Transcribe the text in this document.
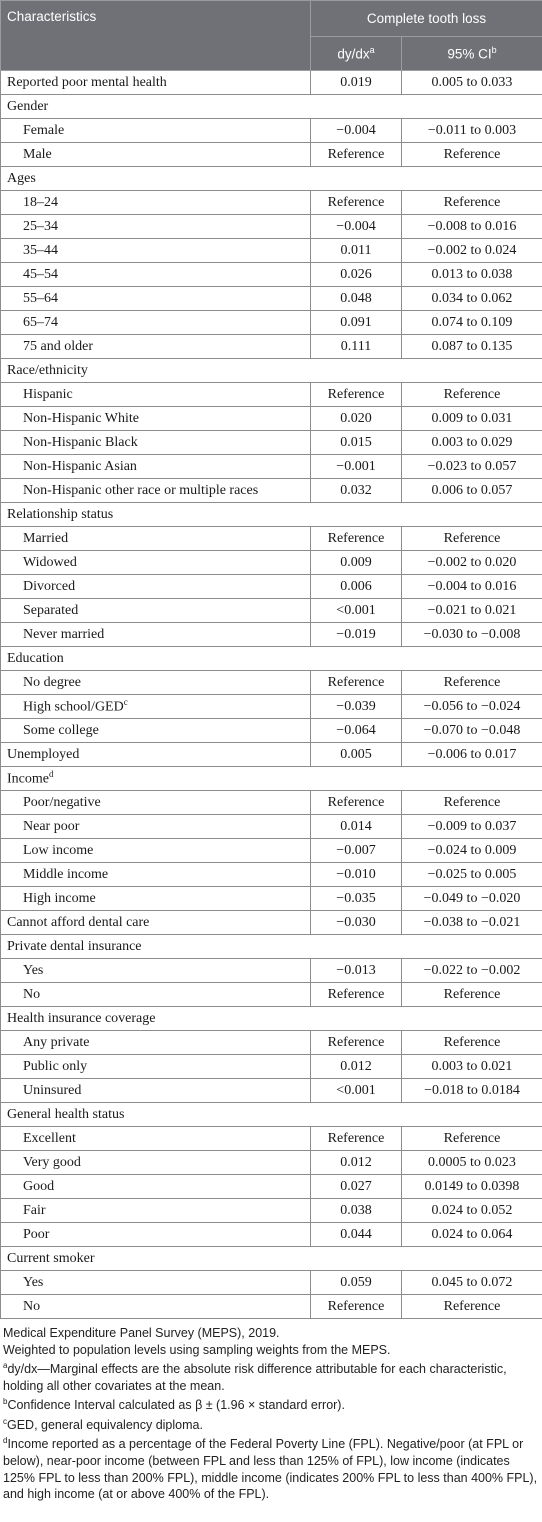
Characteristics	Complete tooth loss	
	$dy/dx^a$	95% $CI^b$
Reported poor mental health	0.019	0.005 to 0.033
Gender		
Female	−0.004	−0.011 to 0.003
Male	Reference	Reference
Ages		
18–24	Reference	Reference
25–34	−0.004	−0.008 to 0.016
35–44	0.011	−0.002 to 0.024
45–54	0.026	0.013 to 0.038
55–64	0.048	0.034 to 0.062
65–74	0.091	0.074 to 0.109
75 and older	0.111	0.087 to 0.135
Race/ethnicity		
Hispanic	Reference	Reference
Non-Hispanic White	0.020	0.009 to 0.031
Non-Hispanic Black	0.015	0.003 to 0.029
Non-Hispanic Asian	−0.001	−0.023 to 0.057
Non-Hispanic other race or multiple races	0.032	0.006 to 0.057
Relationship status		
Married	Reference	Reference
Widowed	0.009	−0.002 to 0.020
Divorced	0.006	−0.004 to 0.016
Separated	<0.001	−0.021 to 0.021
Never married	−0.019	−0.030 to −0.008
Education		
No degree	Reference	Reference
High school/$GED^c$	−0.039	−0.056 to −0.024
Some college	−0.064	−0.070 to −0.048
Unemployed	0.005	−0.006 to 0.017
Income$^d$
Poor/negative	Reference	Reference
Near poor	0.014	−0.009 to 0.037
Low income	−0.007	−0.024 to 0.009
Middle income	−0.010	−0.025 to 0.005
High income	−0.035	−0.049 to −0.020
Cannot afford dental care	−0.030	−0.038 to −0.021
Private dental insurance		
Yes	−0.013	−0.022 to −0.002
No	Reference	Reference
Health insurance coverage		
Any private	Reference	Reference
Public only	0.012	0.003 to 0.021
Uninsured	<0.001	−0.018 to 0.0184
General health status		
Excellent	Reference	Reference
Very good	0.012	0.0005 to 0.023
Good	0.027	0.0149 to 0.0398
Fair	0.038	0.024 to 0.052
Poor	0.044	0.024 to 0.064
Current smoker		
Yes	0.059	0.045 to 0.072
No	Reference	Reference

Medical Expenditure Panel Survey (MEPS), 2019.

Weighted to population levels using sampling weights from the MEPS.

$^a$dy/dx—Marginal effects are the absolute risk difference attributable for each characteristic, holding all other covariates at the mean.

$^b$Confidence Interval calculated as β ± (1.96 × standard error).

$^c$GED, general equivalency diploma.

$^d$Income reported as a percentage of the Federal Poverty Line (FPL). Negative/poor (at FPL or below), near-poor income (between FPL and less than 125% of FPL), low income (indicates 125% FPL to less than 200% FPL), middle income (indicates 200% FPL to less than 400% FPL), and high income (at or above 400% of the FPL).
